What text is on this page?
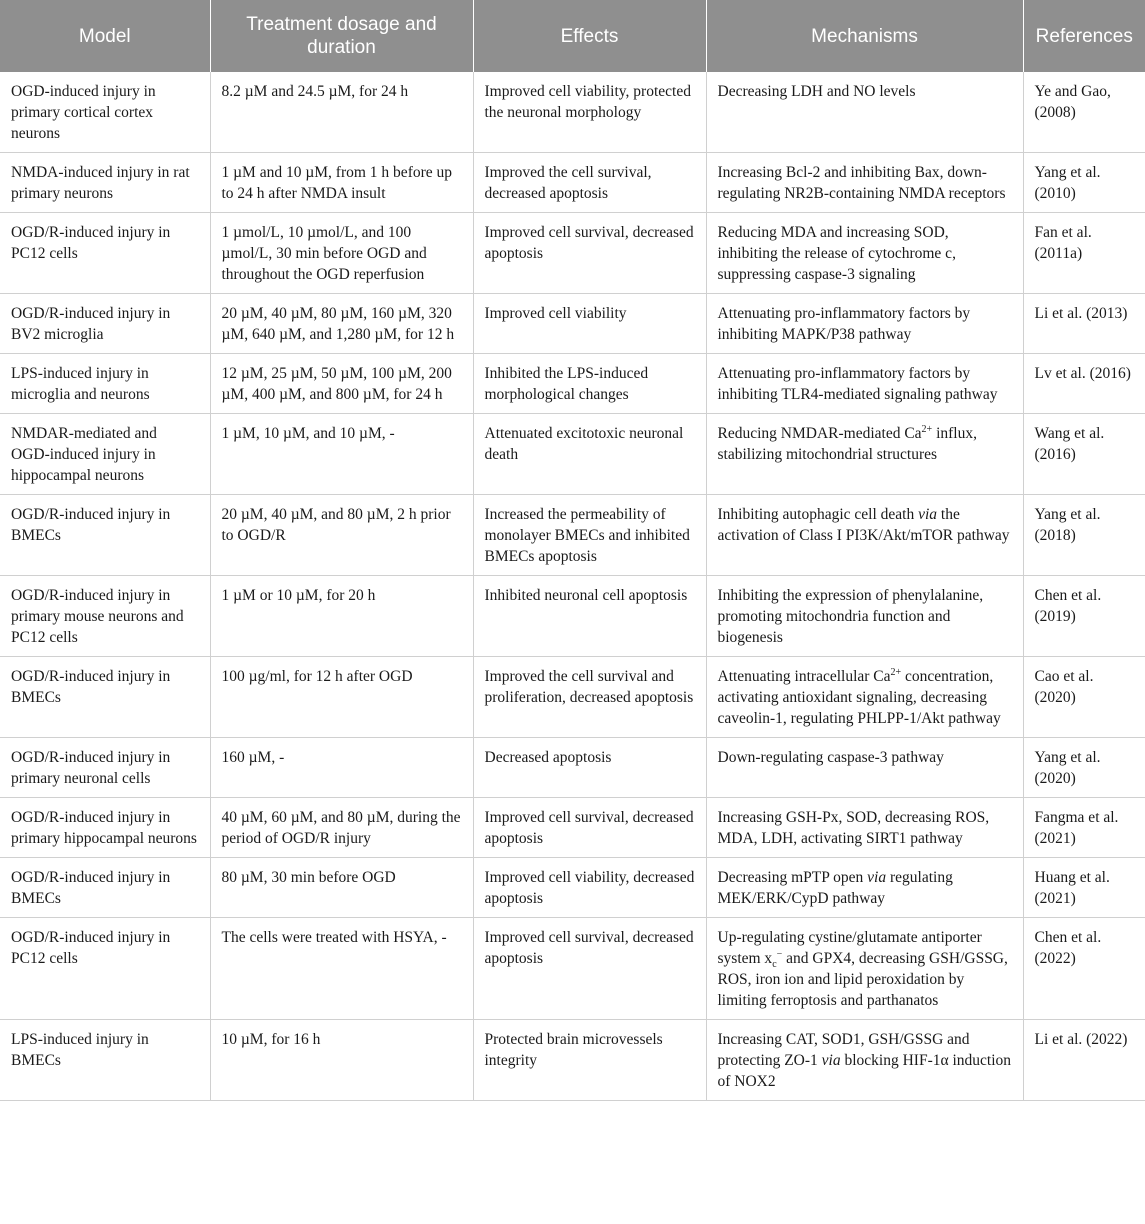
Model	Treatment dosage and duration	Effects	Mechanisms	References
OGD-induced injury in primary cortical cortex neurons	8.2 µM and 24.5 µM, for 24 h	Improved cell viability, protected the neuronal morphology	Decreasing LDH and NO levels	Ye and Gao, (2008)
NMDA-induced injury in rat primary neurons	1 µM and 10 µM, from 1 h before up to 24 h after NMDA insult	Improved the cell survival, decreased apoptosis	Increasing Bcl-2 and inhibiting Bax, down-regulating NR2B-containing NMDA receptors	Yang et al. (2010)
OGD/R-induced injury in PC12 cells	1 µmol/L, 10 µmol/L, and 100 µmol/L, 30 min before OGD and throughout the OGD reperfusion	Improved cell survival, decreased apoptosis	Reducing MDA and increasing SOD, inhibiting the release of cytochrome c, suppressing caspase-3 signaling	Fan et al. (2011a)
OGD/R-induced injury in BV2 microglia	20 µM, 40 µM, 80 µM, 160 µM, 320 µM, 640 µM, and 1,280 µM, for 12 h	Improved cell viability	Attenuating pro-inflammatory factors by inhibiting MAPK/P38 pathway	Li et al. (2013)
LPS-induced injury in microglia and neurons	12 µM, 25 µM, 50 µM, 100 µM, 200 µM, 400 µM, and 800 µM, for 24 h	Inhibited the LPS-induced morphological changes	Attenuating pro-inflammatory factors by inhibiting TLR4-mediated signaling pathway	Lv et al. (2016)
NMDAR-mediated and OGD-induced injury in hippocampal neurons	1 µM, 10 µM, and 10 µM, -	Attenuated excitotoxic neuronal death	Reducing NMDAR-mediated $Ca^{2+}$ influx, stabilizing mitochondrial structures	Wang et al. (2016)
OGD/R-induced injury in BMECs	20 µM, 40 µM, and 80 µM, 2 h prior to OGD/R	Increased the permeability of monolayer BMECs and inhibited BMECs apoptosis	Inhibiting autophagic cell death via the activation of Class I PI3K/Akt/mTOR pathway	Yang et al. (2018)
OGD/R-induced injury in primary mouse neurons and PC12 cells	1 µM or 10 µM, for 20 h	Inhibited neuronal cell apoptosis	Inhibiting the expression of phenylalanine, promoting mitochondria function and biogenesis	Chen et al. (2019)
OGD/R-induced injury in BMECs	100 µg/ml, for 12 h after OGD	Improved the cell survival and proliferation, decreased apoptosis	Attenuating intracellular $Ca^{2+}$ concentration, activating antioxidant signaling, decreasing caveolin-1, regulating PHLPP-1/Akt pathway	Cao et al. (2020)
OGD/R-induced injury in primary neuronal cells	160 µM, -	Decreased apoptosis	Down-regulating caspase-3 pathway	Yang et al. (2020)
OGD/R-induced injury in primary hippocampal neurons	40 µM, 60 µM, and 80 µM, during the period of OGD/R injury	Improved cell survival, decreased apoptosis	Increasing GSH-Px, SOD, decreasing ROS, MDA, LDH, activating SIRT1 pathway	Fangma et al. (2021)
OGD/R-induced injury in BMECs	80 µM, 30 min before OGD	Improved cell viability, decreased apoptosis	Decreasing mPTP open via regulating MEK/ERK/CypD pathway	Huang et al. (2021)
OGD/R-induced injury in PC12 cells	The cells were treated with HSYA, -	Improved cell survival, decreased apoptosis	Up-regulating cystine/glutamate antiporter system $x_c^-$ and GPX4, decreasing GSH/GSSG, ROS, iron ion and lipid peroxidation by limiting ferroptosis and parthanatos	Chen et al. (2022)
LPS-induced injury in BMECs	10 µM, for 16 h	Protected brain microvessels integrity	Increasing CAT, SOD1, GSH/GSSG and protecting ZO-1 via blocking HIF-1α induction of NOX2	Li et al. (2022)
